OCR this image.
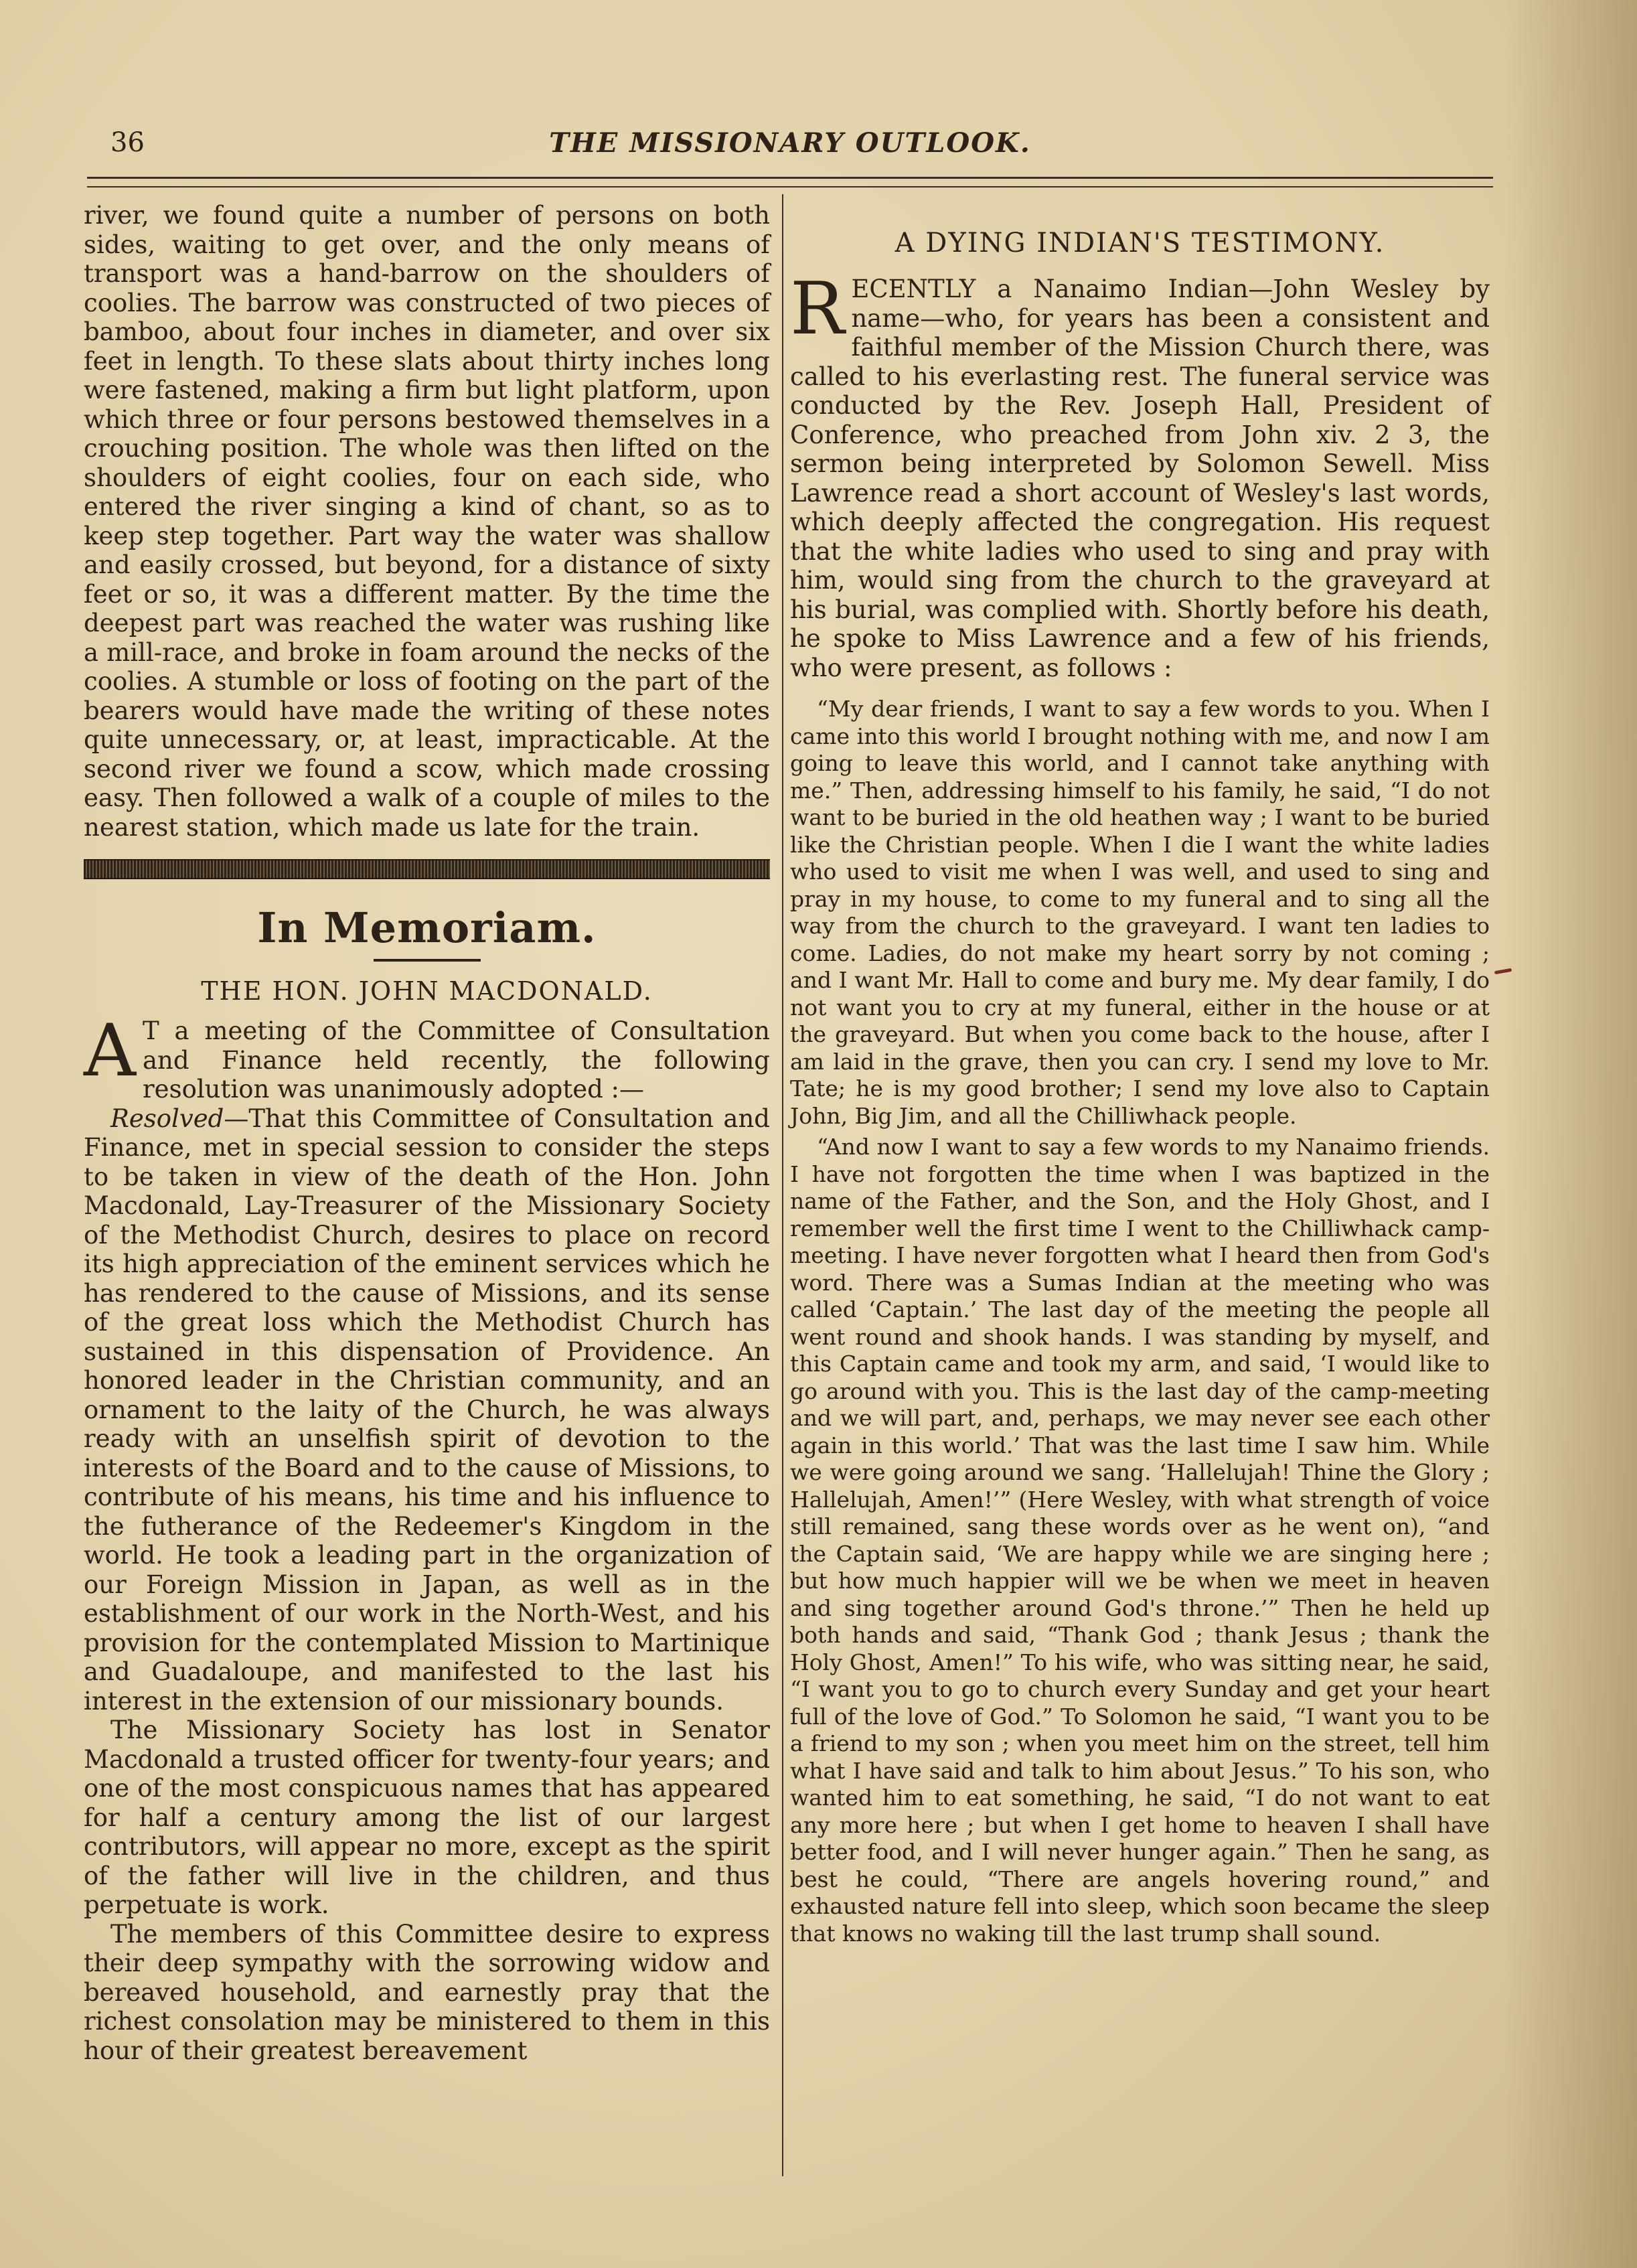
36	THE MISSIONARY OUTLOOK.

river, we found quite a number of persons on both sides, waiting to get over, and the only means of transport was a hand-barrow on the shoulders of coolies. The barrow was constructed of two pieces of bamboo, about four inches in diameter, and over six feet in length. To these slats about thirty inches long were fastened, making a firm but light platform, upon which three or four persons bestowed themselves in a crouching position. The whole was then lifted on the shoulders of eight coolies, four on each side, who entered the river singing a kind of chant, so as to keep step together. Part way the water was shallow and easily crossed, but beyond, for a distance of sixty feet or so, it was a different matter. By the time the deepest part was reached the water was rushing like a mill-race, and broke in foam around the necks of the coolies. A stumble or loss of footing on the part of the bearers would have made the writing of these notes quite unnecessary, or, at least, impracticable. At the second river we found a scow, which made crossing easy. Then followed a walk of a couple of miles to the nearest station, which made us late for the train.

In Memoriam.
THE HON. JOHN MACDONALD.
A T a meeting of the Committee of Consultation and Finance held recently, the following resolution was unanimously adopted :—

Resolved—That this Committee of Consultation and Finance, met in special session to consider the steps to be taken in view of the death of the Hon. John Macdonald, Lay-Treasurer of the Missionary Society of the Methodist Church, desires to place on record its high appreciation of the eminent services which he has rendered to the cause of Missions, and its sense of the great loss which the Methodist Church has sustained in this dispensation of Providence. An honored leader in the Christian community, and an ornament to the laity of the Church, he was always ready with an unselfish spirit of devotion to the interests of the Board and to the cause of Missions, to contribute of his means, his time and his influence to the futherance of the Redeemer's Kingdom in the world. He took a leading part in the organization of our Foreign Mission in Japan, as well as in the establishment of our work in the North-West, and his provision for the contemplated Mission to Martinique and Guadaloupe, and manifested to the last his interest in the extension of our missionary bounds.

The Missionary Society has lost in Senator Macdonald a trusted officer for twenty-four years; and one of the most conspicuous names that has appeared for half a century among the list of our largest contributors, will appear no more, except as the spirit of the father will live in the children, and thus perpetuate is work.

The members of this Committee desire to express their deep sympathy with the sorrowing widow and bereaved household, and earnestly pray that the richest consolation may be ministered to them in this hour of their greatest bereavement

A DYING INDIAN'S TESTIMONY.
R ECENTLY a Nanaimo Indian—John Wesley by name—who, for years has been a consistent and faithful member of the Mission Church there, was called to his everlasting rest. The funeral service was conducted by the Rev. Joseph Hall, President of Conference, who preached from John xiv. 2 3, the sermon being interpreted by Solomon Sewell. Miss Lawrence read a short account of Wesley's last words, which deeply affected the congregation. His request that the white ladies who used to sing and pray with him, would sing from the church to the graveyard at his burial, was complied with. Shortly before his death, he spoke to Miss Lawrence and a few of his friends, who were present, as follows :

“My dear friends, I want to say a few words to you. When I came into this world I brought nothing with me, and now I am going to leave this world, and I cannot take anything with me.” Then, addressing himself to his family, he said, “I do not want to be buried in the old heathen way ; I want to be buried like the Christian people. When I die I want the white ladies who used to visit me when I was well, and used to sing and pray in my house, to come to my funeral and to sing all the way from the church to the graveyard. I want ten ladies to come. Ladies, do not make my heart sorry by not coming ; and I want Mr. Hall to come and bury me. My dear family, I do not want you to cry at my funeral, either in the house or at the graveyard. But when you come back to the house, after I am laid in the grave, then you can cry. I send my love to Mr. Tate; he is my good brother; I send my love also to Captain John, Big Jim, and all the Chilliwhack people.

“And now I want to say a few words to my Nanaimo friends. I have not forgotten the time when I was baptized in the name of the Father, and the Son, and the Holy Ghost, and I remember well the first time I went to the Chilliwhack camp-meeting. I have never forgotten what I heard then from God's word. There was a Sumas Indian at the meeting who was called ‘Captain.’ The last day of the meeting the people all went round and shook hands. I was standing by myself, and this Captain came and took my arm, and said, ‘I would like to go around with you. This is the last day of the camp-meeting and we will part, and, perhaps, we may never see each other again in this world.’ That was the last time I saw him. While we were going around we sang. ‘Hallelujah! Thine the Glory ; Hallelujah, Amen!’” (Here Wesley, with what strength of voice still remained, sang these words over as he went on), “and the Captain said, ‘We are happy while we are singing here ; but how much happier will we be when we meet in heaven and sing together around God's throne.’” Then he held up both hands and said, “Thank God ; thank Jesus ; thank the Holy Ghost, Amen!” To his wife, who was sitting near, he said, “I want you to go to church every Sunday and get your heart full of the love of God.” To Solomon he said, “I want you to be a friend to my son ; when you meet him on the street, tell him what I have said and talk to him about Jesus.” To his son, who wanted him to eat something, he said, “I do not want to eat any more here ; but when I get home to heaven I shall have better food, and I will never hunger again.” Then he sang, as best he could, “There are angels hovering round,” and exhausted nature fell into sleep, which soon became the sleep that knows no waking till the last trump shall sound.
